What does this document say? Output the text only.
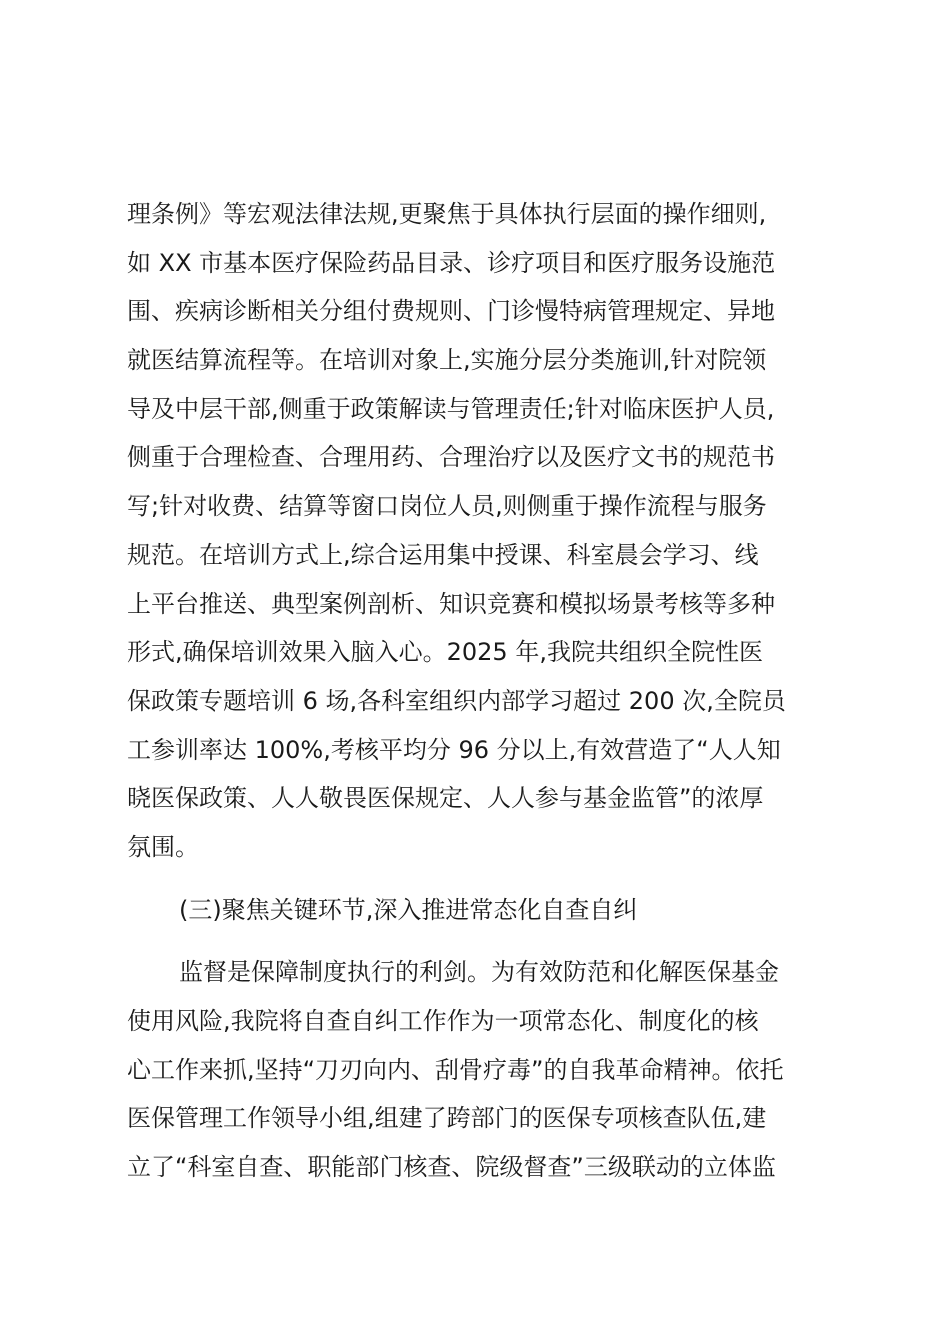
理条例》等宏观法律法规,更聚焦于具体执行层面的操作细则,
如 XX 市基本医疗保险药品目录、诊疗项目和医疗服务设施范
围、疾病诊断相关分组付费规则、门诊慢特病管理规定、异地
就医结算流程等。在培训对象上,实施分层分类施训,针对院领
导及中层干部,侧重于政策解读与管理责任;针对临床医护人员,
侧重于合理检查、合理用药、合理治疗以及医疗文书的规范书
写;针对收费、结算等窗口岗位人员,则侧重于操作流程与服务
规范。在培训方式上,综合运用集中授课、科室晨会学习、线
上平台推送、典型案例剖析、知识竞赛和模拟场景考核等多种
形式,确保培训效果入脑入心。2025 年,我院共组织全院性医
保政策专题培训 6 场,各科室组织内部学习超过 200 次,全院员
工参训率达 100%,考核平均分 96 分以上,有效营造了“人人知
晓医保政策、人人敬畏医保规定、人人参与基金监管”的浓厚
氛围。
(三)聚焦关键环节,深入推进常态化自查自纠
监督是保障制度执行的利剑。为有效防范和化解医保基金
使用风险,我院将自查自纠工作作为一项常态化、制度化的核
心工作来抓,坚持“刀刃向内、刮骨疗毒”的自我革命精神。依托
医保管理工作领导小组,组建了跨部门的医保专项核查队伍,建
立了“科室自查、职能部门核查、院级督查”三级联动的立体监
